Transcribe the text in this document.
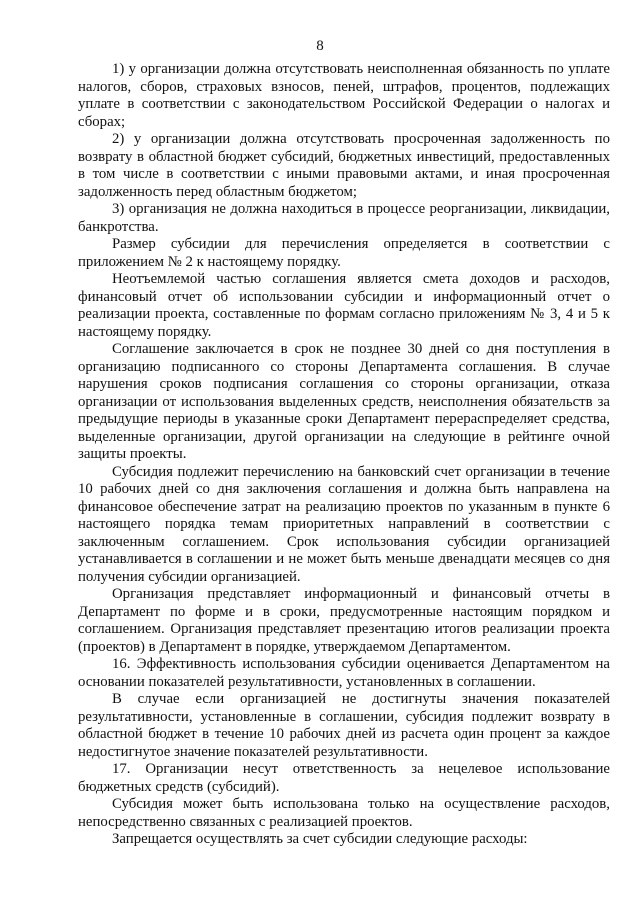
8

1) у организации должна отсутствовать неисполненная обязанность по уплате налогов, сборов, страховых взносов, пеней, штрафов, процентов, подлежащих уплате в соответствии с законодательством Российской Федерации о налогах и сборах;

2) у организации должна отсутствовать просроченная задолженность по возврату в областной бюджет субсидий, бюджетных инвестиций, предоставленных в том числе в соответствии с иными правовыми актами, и иная просроченная задолженность перед областным бюджетом;

3) организация не должна находиться в процессе реорганизации, ликвидации, банкротства.

Размер субсидии для перечисления определяется в соответствии с приложением № 2 к настоящему порядку.

Неотъемлемой частью соглашения является смета доходов и расходов, финансовый отчет об использовании субсидии и информационный отчет о реализации проекта, составленные по формам согласно приложениям № 3, 4 и 5 к настоящему порядку.

Соглашение заключается в срок не позднее 30 дней со дня поступления в организацию подписанного со стороны Департамента соглашения. В случае нарушения сроков подписания соглашения со стороны организации, отказа организации от использования выделенных средств, неисполнения обязательств за предыдущие периоды в указанные сроки Департамент перераспределяет средства, выделенные организации, другой организации на следующие в рейтинге очной защиты проекты.

Субсидия подлежит перечислению на банковский счет организации в течение 10 рабочих дней со дня заключения соглашения и должна быть направлена на финансовое обеспечение затрат на реализацию проектов по указанным в пункте 6 настоящего порядка темам приоритетных направлений в соответствии с заключенным соглашением. Срок использования субсидии организацией устанавливается в соглашении и не может быть меньше двенадцати месяцев со дня получения субсидии организацией.

Организация представляет информационный и финансовый отчеты в Департамент по форме и в сроки, предусмотренные настоящим порядком и соглашением. Организация представляет презентацию итогов реализации проекта (проектов) в Департамент в порядке, утверждаемом Департаментом.

16. Эффективность использования субсидии оценивается Департаментом на основании показателей результативности, установленных в соглашении.

В случае если организацией не достигнуты значения показателей результативности, установленные в соглашении, субсидия подлежит возврату в областной бюджет в течение 10 рабочих дней из расчета один процент за каждое недостигнутое значение показателей результативности.

17. Организации несут ответственность за нецелевое использование бюджетных средств (субсидий).

Субсидия может быть использована только на осуществление расходов, непосредственно связанных с реализацией проектов.

Запрещается осуществлять за счет субсидии следующие расходы:
